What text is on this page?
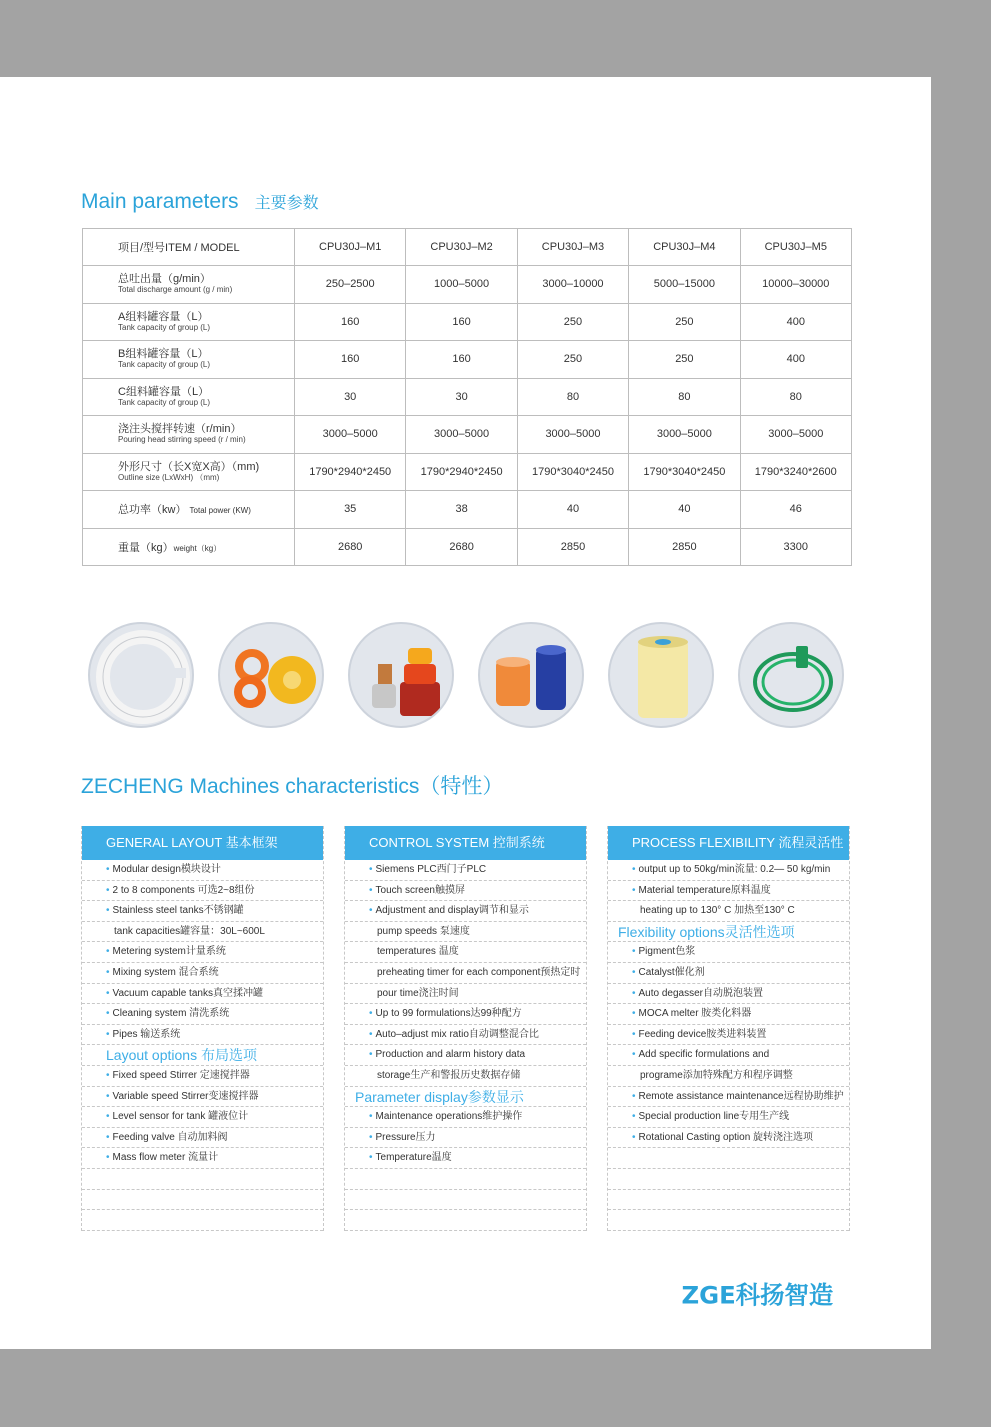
Main parameters 主要参数
项目/型号ITEM / MODEL	CPU30J–M1	CPU30J–M2	CPU30J–M3	CPU30J–M4	CPU30J–M5

总吐出量（g/min）
Total discharge amount (g / min)	250–2500	1000–5000	3000–10000	5000–15000	10000–30000

A组料罐容量（L）
Tank capacity of group (L)	160	160	250	250	400

B组料罐容量（L）
Tank capacity of group (L)	160	160	250	250	400

C组料罐容量（L）
Tank capacity of group (L)	30	30	80	80	80

浇注头搅拌转速（r/min）
Pouring head stirring speed (r / min)	3000–5000	3000–5000	3000–5000	3000–5000	3000–5000

外形尺寸（长X宽X高）（mm)
Outline size (LxWxH) （mm)	1790*2940*2450	1790*2940*2450	1790*3040*2450	1790*3040*2450	1790*3240*2600
总功率（kw） Total power (KW)	35	38	40	40	46
重量（kg）weight（kg）	2680	2680	2850	2850	3300
ZECHENG Machines characteristics（特性）
GENERAL LAYOUT 基本框架
• Modular design模块设计
• 2 to 8 components 可选2~8组份
• Stainless steel tanks不锈钢罐
tank capacities罐容量：30L~600L
• Metering system计量系统
• Mixing system 混合系统
• Vacuum capable tanks真空揉冲罐
• Cleaning system 清洗系统
• Pipes 输送系统
Layout options 布局选项
• Fixed speed Stirrer 定速搅拌器
• Variable speed Stirrer变速搅拌器
• Level sensor for tank 罐液位计
• Feeding valve 自动加料阀
• Mass flow meter 流量计
CONTROL SYSTEM 控制系统
• Siemens PLC西门子PLC
• Touch screen触摸屏
• Adjustment and display调节和显示
pump speeds 泵速度
temperatures 温度
preheating timer for each component预热定时
pour time浇注时间
• Up to 99 formulations达99种配方
• Auto–adjust mix ratio自动调整混合比
• Production and alarm history data
storage生产和警报历史数据存储
Parameter display参数显示
• Maintenance operations维护操作
• Pressure压力
• Temperature温度
PROCESS FLEXIBILITY 流程灵活性
• output up to 50kg/min流量: 0.2— 50 kg/min
• Material temperature原料温度
heating up to 130° C 加热至130° C
Flexibility options灵活性选项
• Pigment色浆
• Catalyst催化剂
• Auto degasser自动脱泡装置
• MOCA melter 胺类化料器
• Feeding device胺类进料装置
• Add specific formulations and
programe添加特殊配方和程序调整
• Remote assistance maintenance远程协助维护
• Special production line专用生产线
• Rotational Casting option 旋转浇注选项
ZGE科扬智造
